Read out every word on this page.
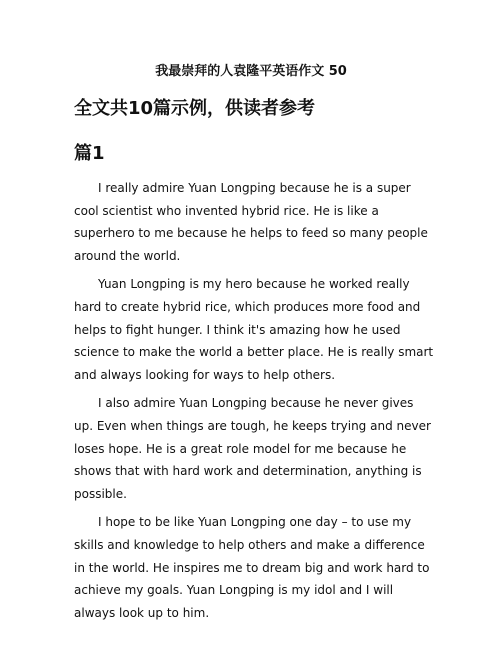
我最崇拜的人袁隆平英语作文 50
全文共10篇示例，供读者参考
篇1

I really admire Yuan Longping because he is a super cool scientist who invented hybrid rice. He is like a superhero to me because he helps to feed so many people around the world.

Yuan Longping is my hero because he worked really hard to create hybrid rice, which produces more food and helps to fight hunger. I think it's amazing how he used science to make the world a better place. He is really smart and always looking for ways to help others.

I also admire Yuan Longping because he never gives up. Even when things are tough, he keeps trying and never loses hope. He is a great role model for me because he shows that with hard work and determination, anything is possible.

I hope to be like Yuan Longping one day – to use my skills and knowledge to help others and make a difference in the world. He inspires me to dream big and work hard to achieve my goals. Yuan Longping is my idol and I will always look up to him.
